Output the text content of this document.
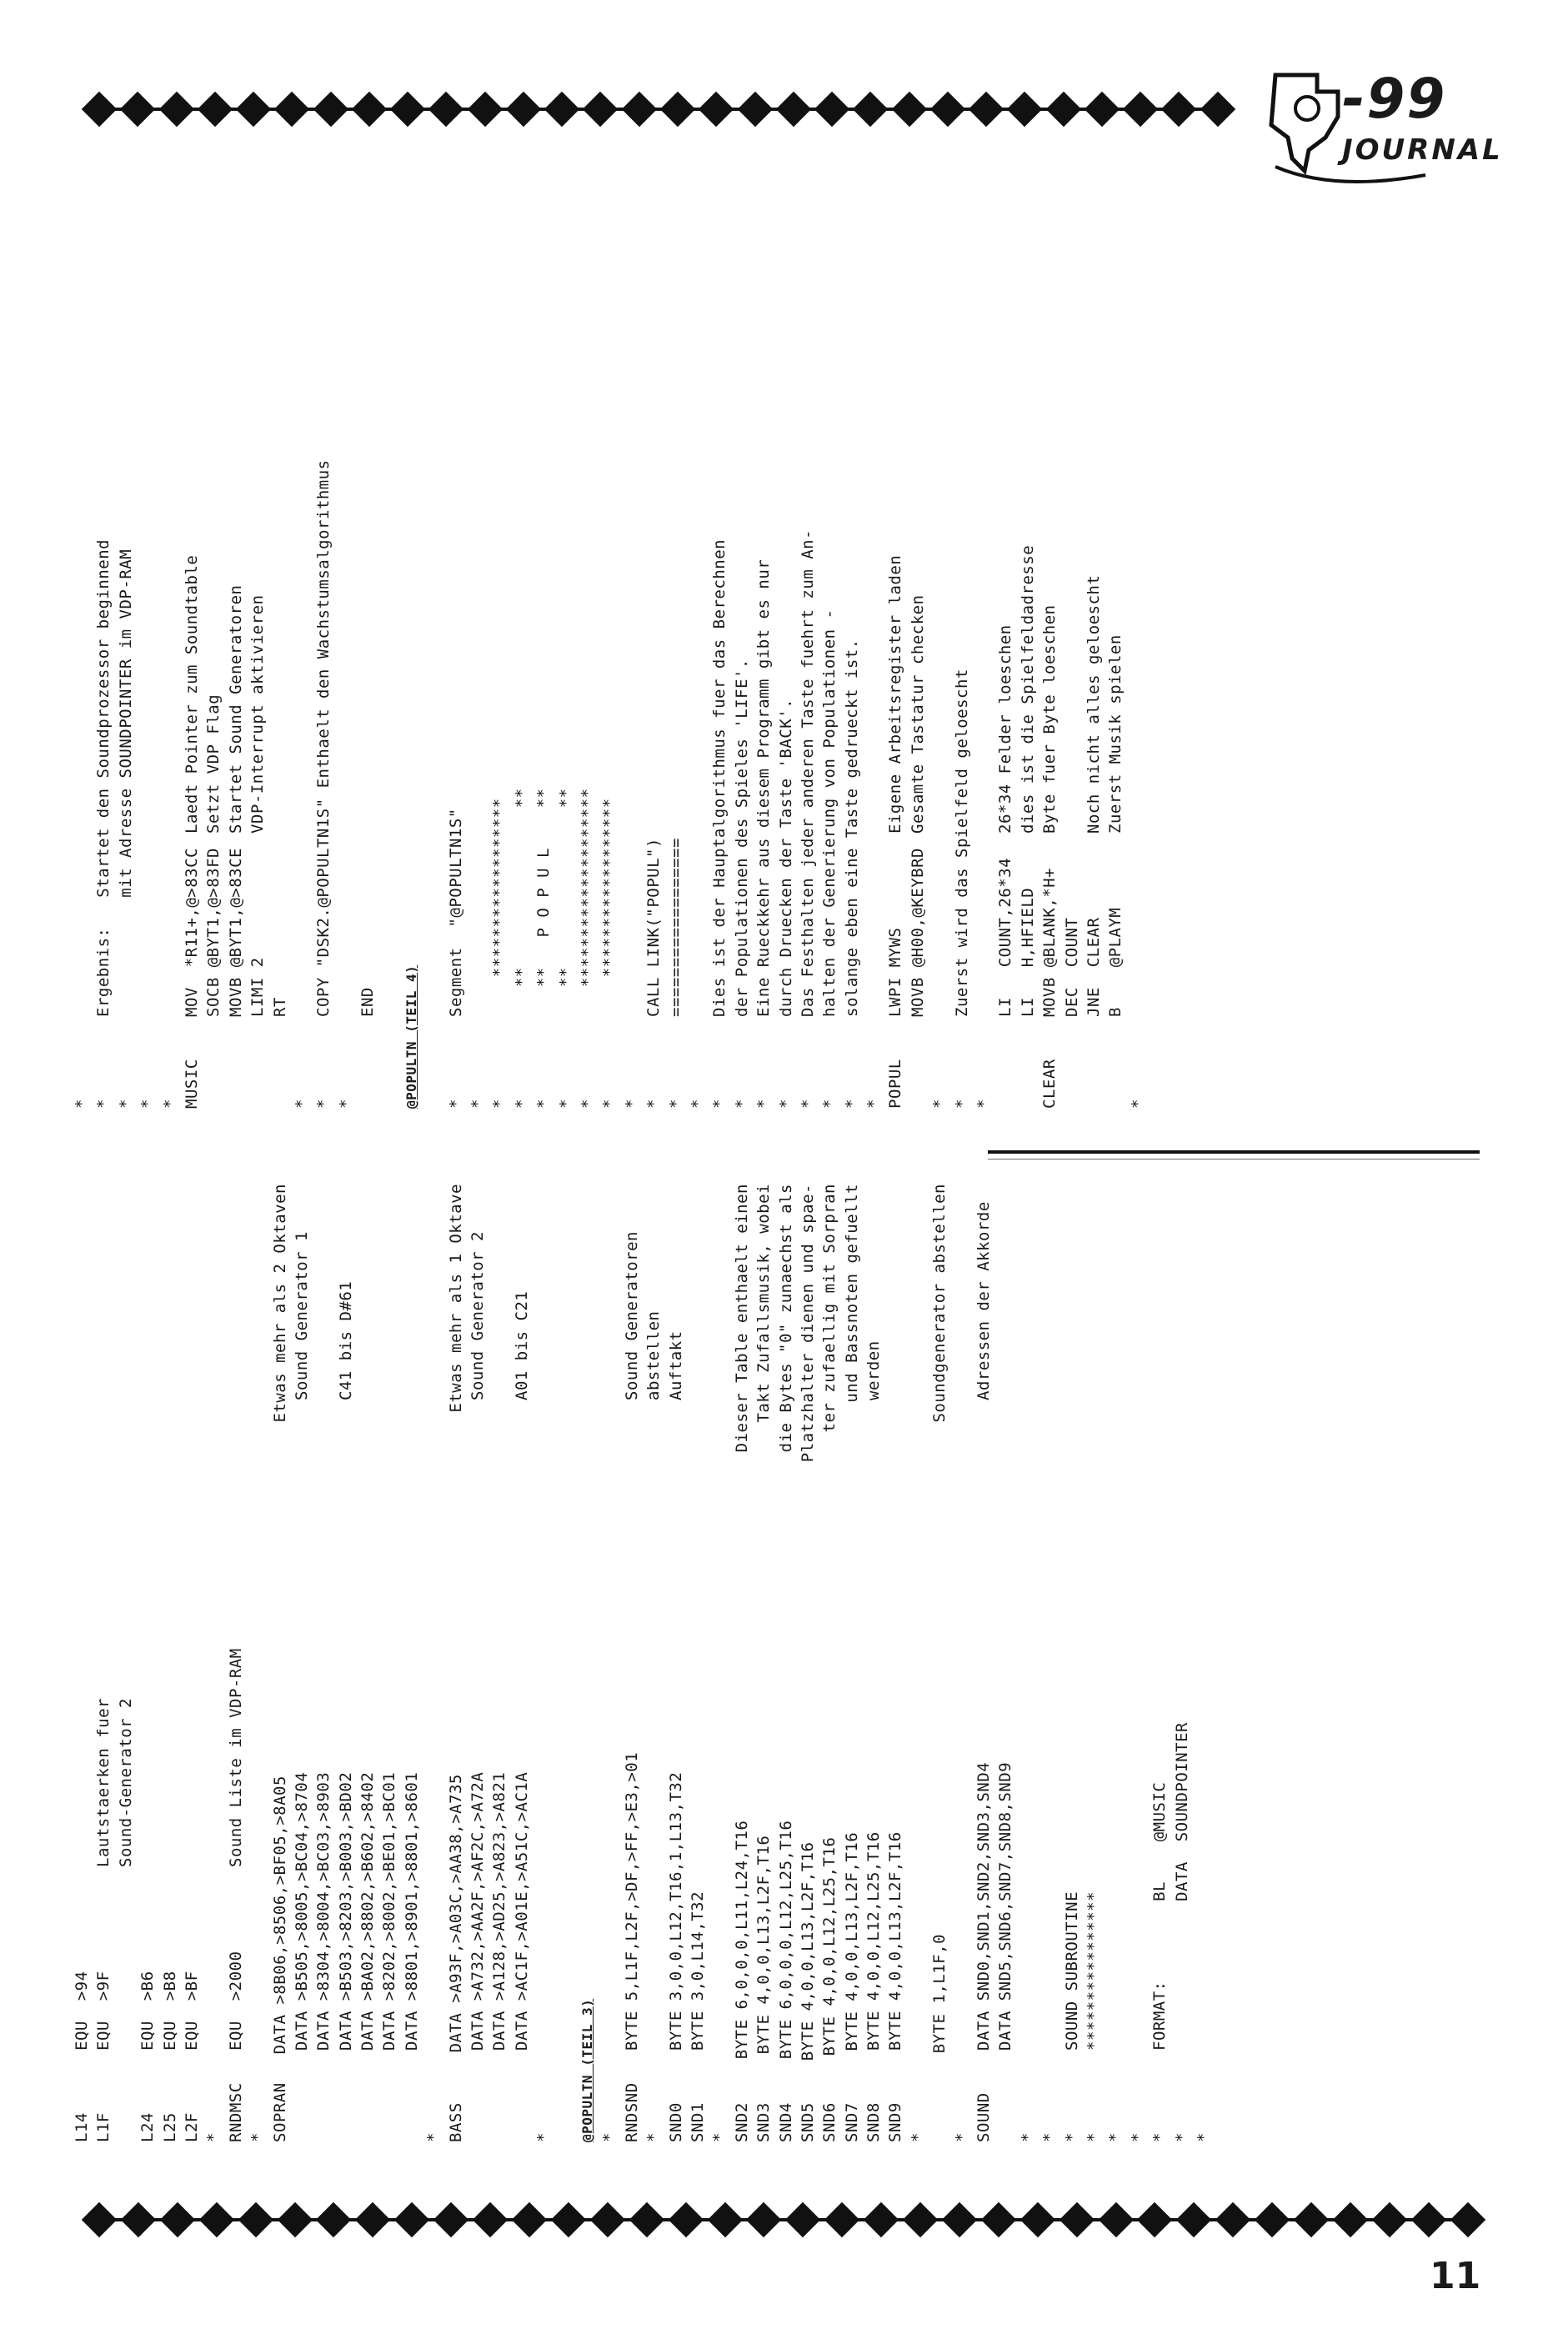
-99
JOURNAL
L14
EQU  >94
L1F
EQU  >9F
Lautstaerken fuer Sound-Generator 2
L24
EQU  >B6
L25
EQU  >B8
L2F
EQU  >BF
* RNDMSC
EQU  >2000
Sound Liste im VDP-RAM
* SOPRAN
DATA >8B06,>8506,>BF05,>8A05
Etwas mehr als 2 Oktaven
DATA >B505,>8005,>BC04,>8704
Sound Generator 1
DATA >8304,>8004,>BC03,>8903 DATA >B503,>8203,>B003,>BD02
C41 bis D#61
DATA >BA02,>8802,>B602,>8402 DATA >8202,>8002,>BE01,>BC01 DATA >8801,>8901,>8801,>8601
* BASS
DATA >A93F,>A03C,>AA38,>A735
Etwas mehr als 1 Oktave
DATA >A732,>AA2F,>AF2C,>A72A
Sound Generator 2
DATA >A128,>AD25,>A823,>A821 DATA >AC1F,>A01E,>A51C,>AC1A
A01 bis C21
* @POPULTN (TEIL 3) * RNDSND
BYTE 5,L1F,L2F,>DF,>FF,>E3,>01
Sound Generatoren
*
abstellen
SND0
BYTE 3,0,0,L12,T16,1,L13,T32
Auftakt
SND1
BYTE 3,0,L14,T32
* SND2
BYTE 6,0,0,0,L11,L24,T16
Dieser Table enthaelt einen
SND3
BYTE 4,0,0,L13,L2F,T16
Takt Zufallsmusik, wobei
SND4
BYTE 6,0,0,0,L12,L25,T16
die Bytes "0" zunaechst als
SND5
BYTE 4,0,0,L13,L2F,T16
Platzhalter dienen und spae-
SND6
BYTE 4,0,0,L12,L25,T16
ter zufaellig mit Sorpran
SND7
BYTE 4,0,0,L13,L2F,T16
und Bassnoten gefuellt
SND8
BYTE 4,0,0,L12,L25,T16
werden
SND9
BYTE 4,0,0,L13,L2F,T16
*
BYTE 1,L1F,0
Soundgenerator abstellen
* SOUND
DATA SND0,SND1,SND2,SND3,SND4
Adressen der Akkorde
DATA SND5,SND6,SND7,SND8,SND9
* * *
SOUND SUBROUTINE
*
****************
* * *
FORMAT:        BL    @MUSIC
*
DATA  SOUNDPOINTER
*
* *
Ergebnis:   Startet den Soundprozessor beginnend
*
mit Adresse SOUNDPOINTER im VDP-RAM
* * MUSIC
MOV  *R11+,@>83CC
Laedt Pointer zum Soundtable
SOCB @BYT1,@>83FD
Setzt VDP Flag
MOVB @BYT1,@>83CE
Startet Sound Generatoren
LIMI 2
VDP-Interrupt aktivieren
RT
* *
COPY "DSK2.@POPULTN1S" Enthaelt den Wachstumsalgorithmus
*
END @POPULTN (TEIL 4) *
Segment  "@POPULTN1S"
* *
******************
*
**                **
*
**   P O P U L    **
*
**                **
*
********************
*
******************
* *
CALL LINK("POPUL")
*
==================
* *
Dies ist der Hauptalgorithmus fuer das Berechnen
*
der Populationen des Spieles 'LIFE'.
*
Eine Rueckkehr aus diesem Programm gibt es nur
*
durch Druecken der Taste 'BACK'.
*
Das Festhalten jeder anderen Taste fuehrt zum An-
*
halten der Generierung von Populationen -
*
solange eben eine Taste gedrueckt ist.
* POPUL
LWPI MYWS
Eigene Arbeitsregister laden
MOVB @H00,@KEYBRD
Gesamte Tastatur checken
* *
Zuerst wird das Spielfeld geloescht
*
LI   COUNT,26*34
26*34 Felder loeschen
LI   H,HFIELD
dies ist die Spielfeldadresse
CLEAR
MOVB @BLANK,*H+
Byte fuer Byte loeschen
DEC  COUNT JNE  CLEAR
Noch nicht alles geloescht
B    @PLAYM
Zuerst Musik spielen
*
11
